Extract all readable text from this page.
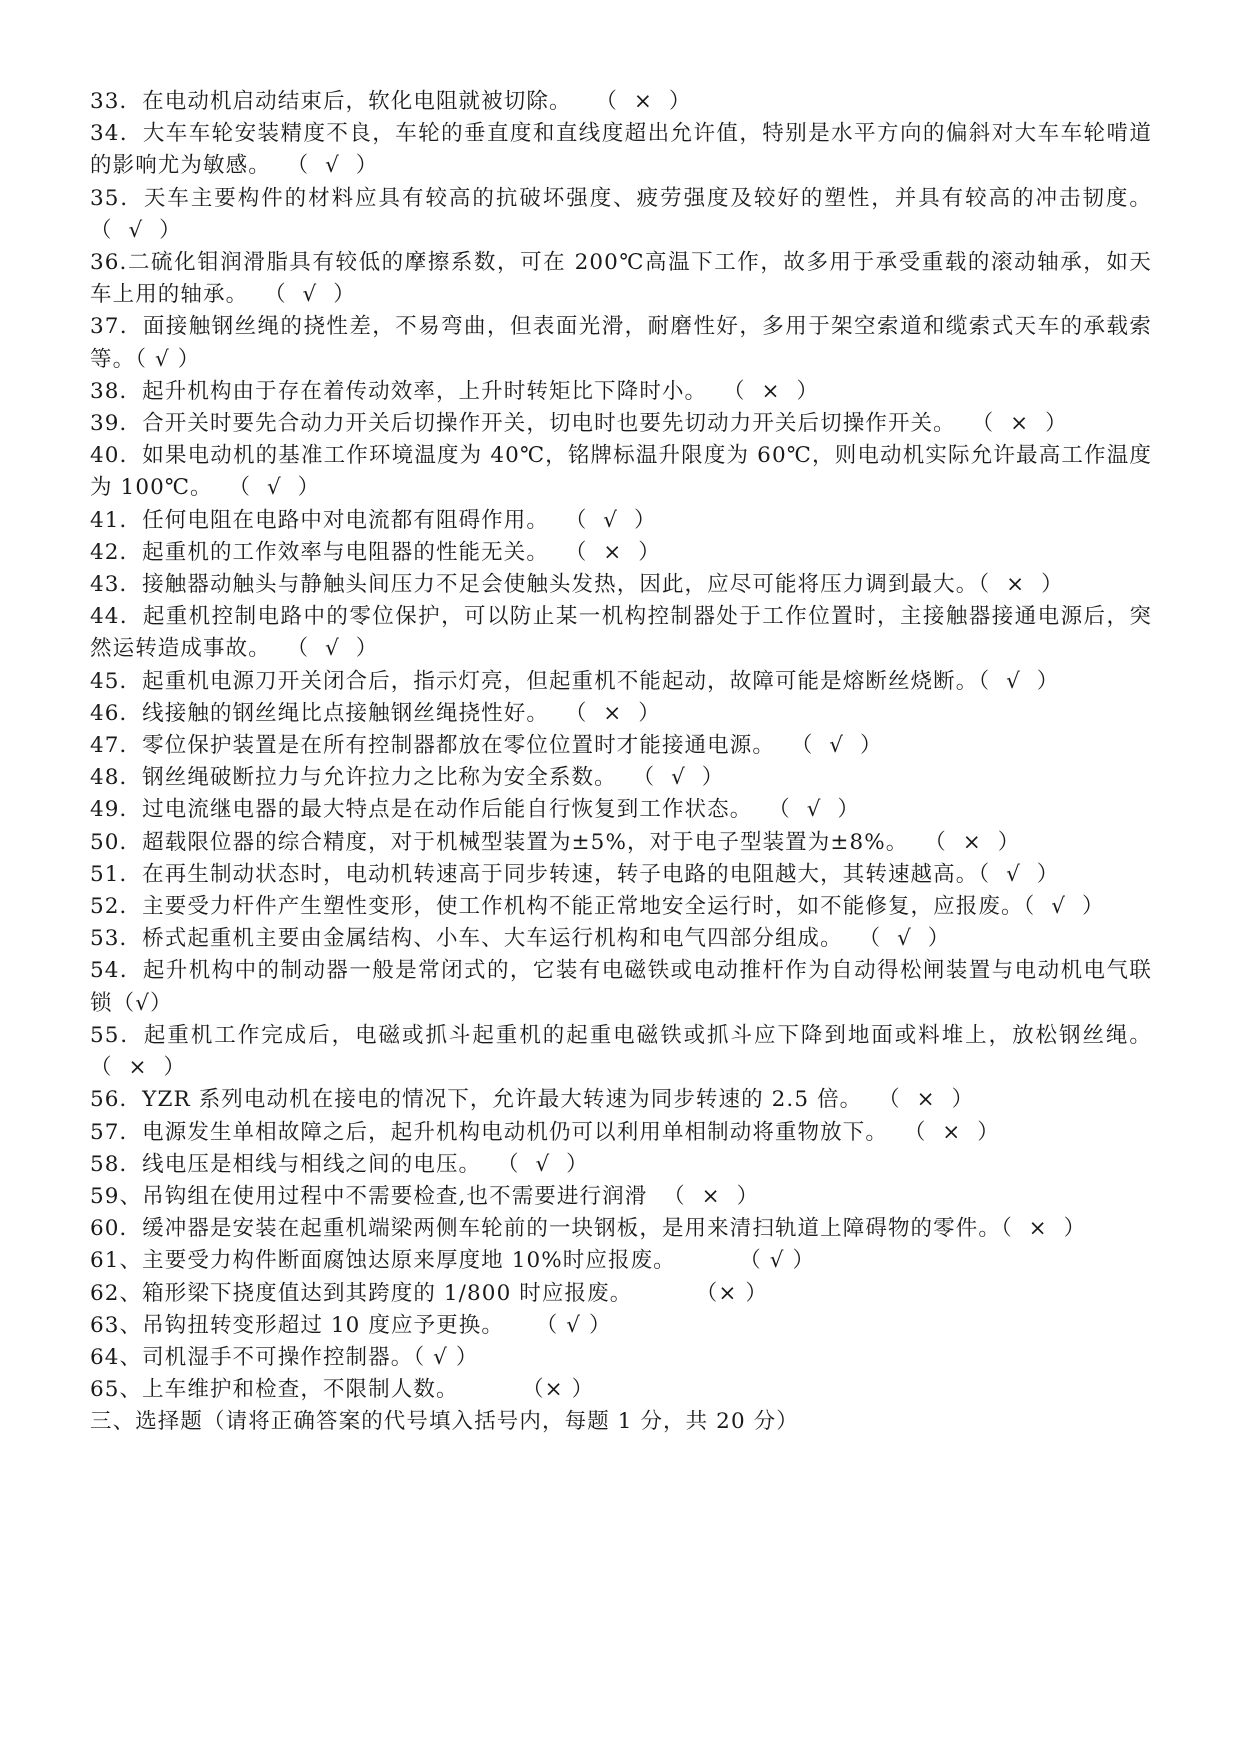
33．在电动机启动结束后，软化电阻就被切除。   （  ×  ）
34．大车车轮安装精度不良，车轮的垂直度和直线度超出允许值，特别是水平方向的偏斜对大车车轮啃道的影响尤为敏感。  （  √  ）
35．天车主要构件的材料应具有较高的抗破坏强度、疲劳强度及较好的塑性，并具有较高的冲击韧度。  （  √  ）
36.二硫化钼润滑脂具有较低的摩擦系数，可在 200℃高温下工作，故多用于承受重载的滚动轴承，如天车上用的轴承。  （  √  ）
37．面接触钢丝绳的挠性差，不易弯曲，但表面光滑，耐磨性好，多用于架空索道和缆索式天车的承载索等。（ √ ）
38．起升机构由于存在着传动效率，上升时转矩比下降时小。  （  ×  ）
39．合开关时要先合动力开关后切操作开关，切电时也要先切动力开关后切操作开关。  （  ×  ）
40．如果电动机的基准工作环境温度为 40℃，铭牌标温升限度为 60℃，则电动机实际允许最高工作温度为 100℃。  （  √  ）
41．任何电阻在电路中对电流都有阻碍作用。  （  √  ）
42．起重机的工作效率与电阻器的性能无关。  （  ×  ）
43．接触器动触头与静触头间压力不足会使触头发热，因此，应尽可能将压力调到最大。（  ×  ）
44．起重机控制电路中的零位保护，可以防止某一机构控制器处于工作位置时，主接触器接通电源后，突然运转造成事故。  （  √  ）
45．起重机电源刀开关闭合后，指示灯亮，但起重机不能起动，故障可能是熔断丝烧断。（  √  ）
46．线接触的钢丝绳比点接触钢丝绳挠性好。  （  ×  ）
47．零位保护装置是在所有控制器都放在零位位置时才能接通电源。  （  √  ）
48．钢丝绳破断拉力与允许拉力之比称为安全系数。  （  √  ）
49．过电流继电器的最大特点是在动作后能自行恢复到工作状态。  （  √  ）
50．超载限位器的综合精度，对于机械型装置为±5%，对于电子型装置为±8%。  （  ×  ）
51．在再生制动状态时，电动机转速高于同步转速，转子电路的电阻越大，其转速越高。（  √  ）
52．主要受力杆件产生塑性变形，使工作机构不能正常地安全运行时，如不能修复，应报废。（  √  ）
53．桥式起重机主要由金属结构、小车、大车运行机构和电气四部分组成。  （  √  ）
54．起升机构中的制动器一般是常闭式的，它装有电磁铁或电动推杆作为自动得松闸装置与电动机电气联锁（√）
55．起重机工作完成后，电磁或抓斗起重机的起重电磁铁或抓斗应下降到地面或料堆上，放松钢丝绳。  （  ×  ）
56．YZR 系列电动机在接电的情况下，允许最大转速为同步转速的 2.5 倍。  （  ×  ）
57．电源发生单相故障之后，起升机构电动机仍可以利用单相制动将重物放下。  （  ×  ）
58．线电压是相线与相线之间的电压。  （  √  ）
59、吊钩组在使用过程中不需要检查,也不需要进行润滑  （  ×  ）
60．缓冲器是安装在起重机端梁两侧车轮前的一块钢板，是用来清扫轨道上障碍物的零件。（  ×  ）
61、主要受力构件断面腐蚀达原来厚度地 10%时应报废。        （ √ ）
62、箱形梁下挠度值达到其跨度的 1/800 时应报废。        （× ）
63、吊钩扭转变形超过 10 度应予更换。    （ √ ）
64、司机湿手不可操作控制器。（ √ ）
65、上车维护和检查，不限制人数。        （× ）
三、选择题（请将正确答案的代号填入括号内，每题 1 分，共 20 分）
